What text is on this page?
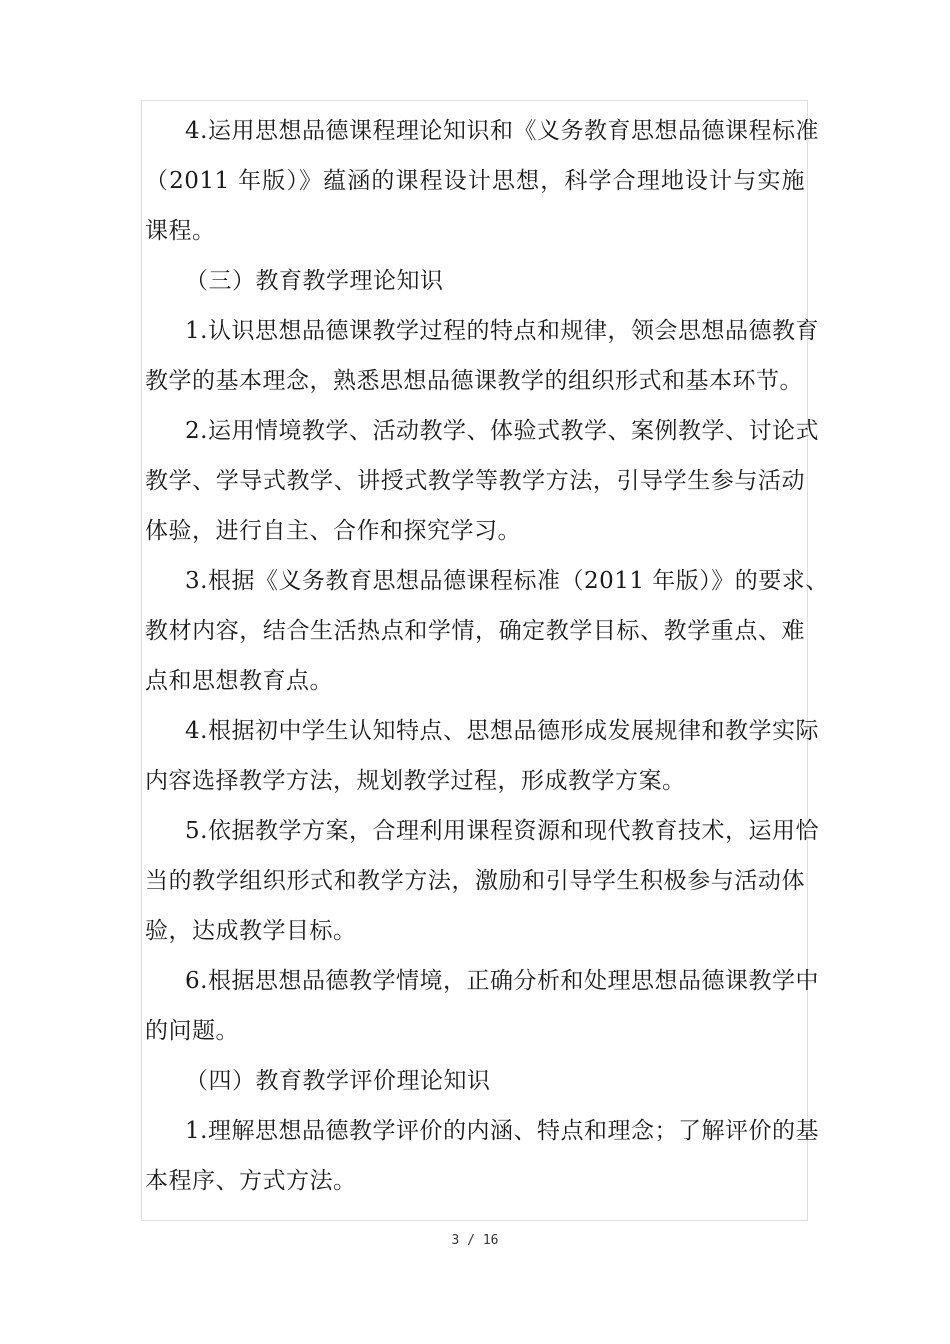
4.运用思想品德课程理论知识和《义务教育思想品德课程标准
（2011 年版）》蕴涵的课程设计思想，科学合理地设计与实施
课程。
（三）教育教学理论知识
1.认识思想品德课教学过程的特点和规律，领会思想品德教育
教学的基本理念，熟悉思想品德课教学的组织形式和基本环节。
2.运用情境教学、活动教学、体验式教学、案例教学、讨论式
教学、学导式教学、讲授式教学等教学方法，引导学生参与活动
体验，进行自主、合作和探究学习。
3.根据《义务教育思想品德课程标准（2011 年版）》的要求、
教材内容，结合生活热点和学情，确定教学目标、教学重点、难
点和思想教育点。
4.根据初中学生认知特点、思想品德形成发展规律和教学实际
内容选择教学方法，规划教学过程，形成教学方案。
5.依据教学方案，合理利用课程资源和现代教育技术，运用恰
当的教学组织形式和教学方法，激励和引导学生积极参与活动体
验，达成教学目标。
6.根据思想品德教学情境，正确分析和处理思想品德课教学中
的问题。
（四）教育教学评价理论知识
1.理解思想品德教学评价的内涵、特点和理念；了解评价的基
本程序、方式方法。
3 / 16
